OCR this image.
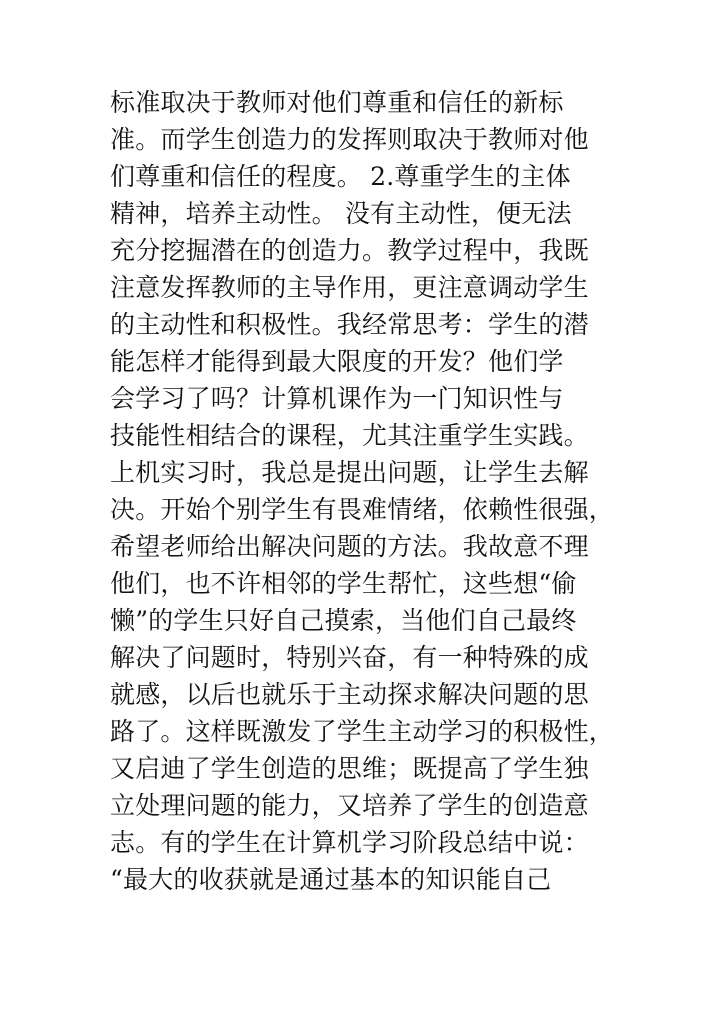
标准取决于教师对他们尊重和信任的新标
准。而学生创造力的发挥则取决于教师对他
们尊重和信任的程度。 2.尊重学生的主体
精神，培养主动性。 没有主动性，便无法
充分挖掘潜在的创造力。教学过程中，我既
注意发挥教师的主导作用，更注意调动学生
的主动性和积极性。我经常思考：学生的潜
能怎样才能得到最大限度的开发？他们学
会学习了吗？计算机课作为一门知识性与
技能性相结合的课程，尤其注重学生实践。
上机实习时，我总是提出问题，让学生去解
决。开始个别学生有畏难情绪，依赖性很强，
希望老师给出解决问题的方法。我故意不理
他们，也不许相邻的学生帮忙，这些想“偷
懒”的学生只好自己摸索，当他们自己最终
解决了问题时，特别兴奋，有一种特殊的成
就感，以后也就乐于主动探求解决问题的思
路了。这样既激发了学生主动学习的积极性，
又启迪了学生创造的思维；既提高了学生独
立处理问题的能力，又培养了学生的创造意
志。有的学生在计算机学习阶段总结中说：
“最大的收获就是通过基本的知识能自己
